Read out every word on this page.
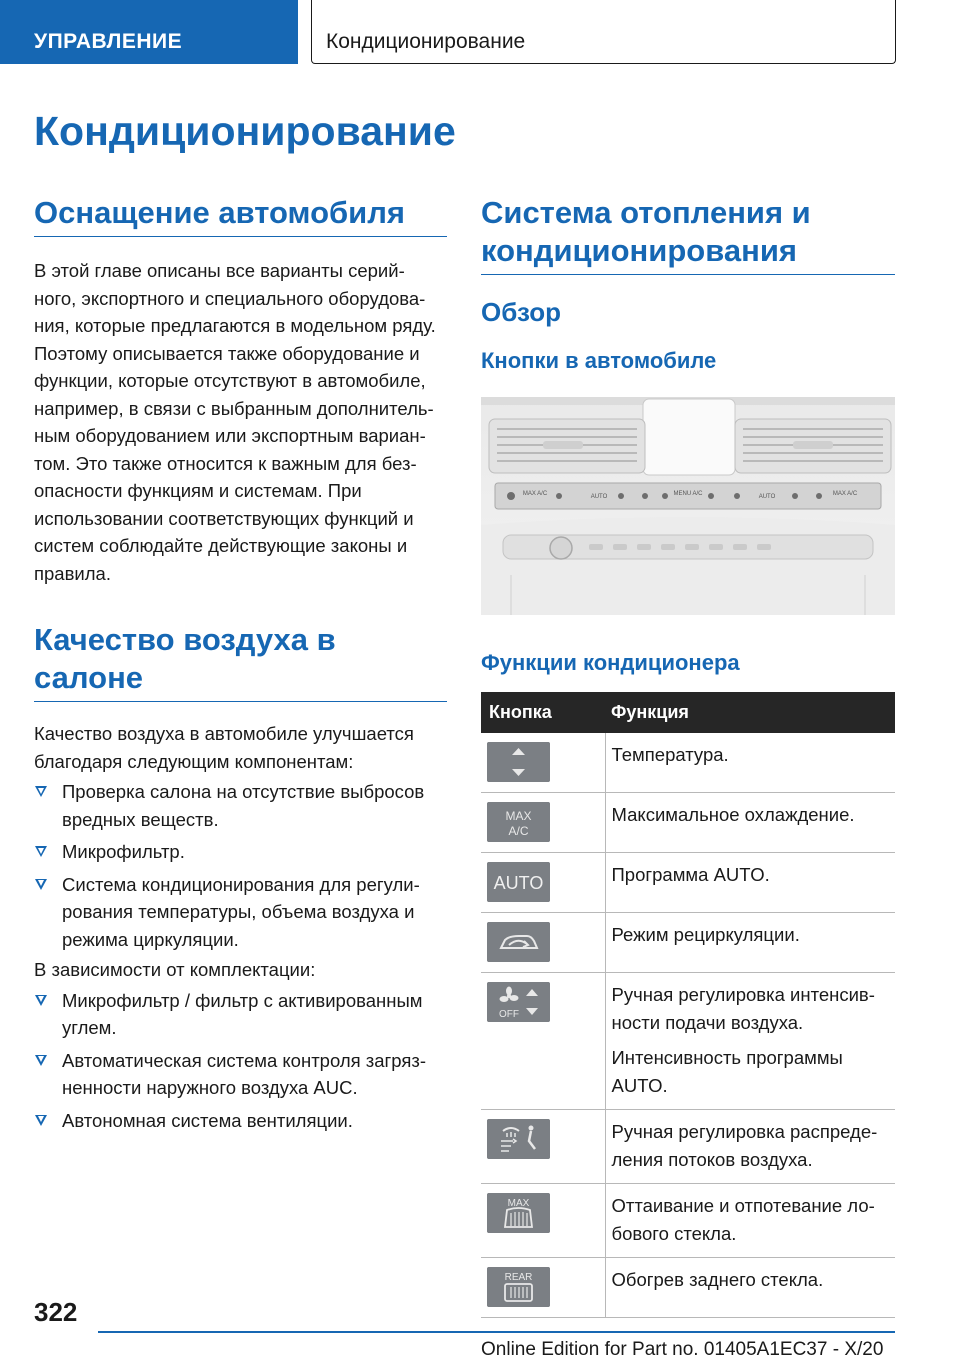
УПРАВЛЕНИЕ	Кондиционирование
Кондиционирование
Оснащение автомобиля

В этой главе описаны все варианты серий-

ного, экспортного и специального оборудова-

ния, которые предлагаются в модельном ряду.

Поэтому описывается также оборудование и

функции, которые отсутствуют в автомобиле,

например, в связи с выбранным дополнитель-

ным оборудованием или экспортным вариан-

том. Это также относится к важным для без-

опасности функциям и системам. При

использовании соответствующих функций и

систем соблюдайте действующие законы и

правила.

Качество воздуха в
салоне

Качество воздуха в автомобиле улучшается

благодаря следующим компонентам:

Проверка салона на отсутствие выбросов
вредных веществ.
Микрофильтр.
Система кондиционирования для регули-
рования температуры, объема воздуха и
режима циркуляции.

В зависимости от комплектации:

Микрофильтр / фильтр с активированным
углем.
Автоматическая система контроля загряз-
ненности наружного воздуха AUC.
Автономная система вентиляции.
Система отопления и
кондиционирования
Обзор
Кнопки в автомобиле
MAX A/C	AUTO	MENU A/C	AUTO	MAX A/C
Функции кондиционера
Кнопка	Функция

	Температура.

MAX
A/C	Максимальное охлаждение.

AUTO	Программа AUTO.

	Режим рециркуляции.

OFF	Ручная регулировка интенсив-
ности подачи воздуха.

Интенсивность программы
AUTO.

	Ручная регулировка распреде-
ления потоков воздуха.

MAX	Оттаивание и отпотевание ло-
бового стекла.

REAR	Обогрев заднего стекла.
322
Online Edition for Part no. 01405A1EC37 - X/20
